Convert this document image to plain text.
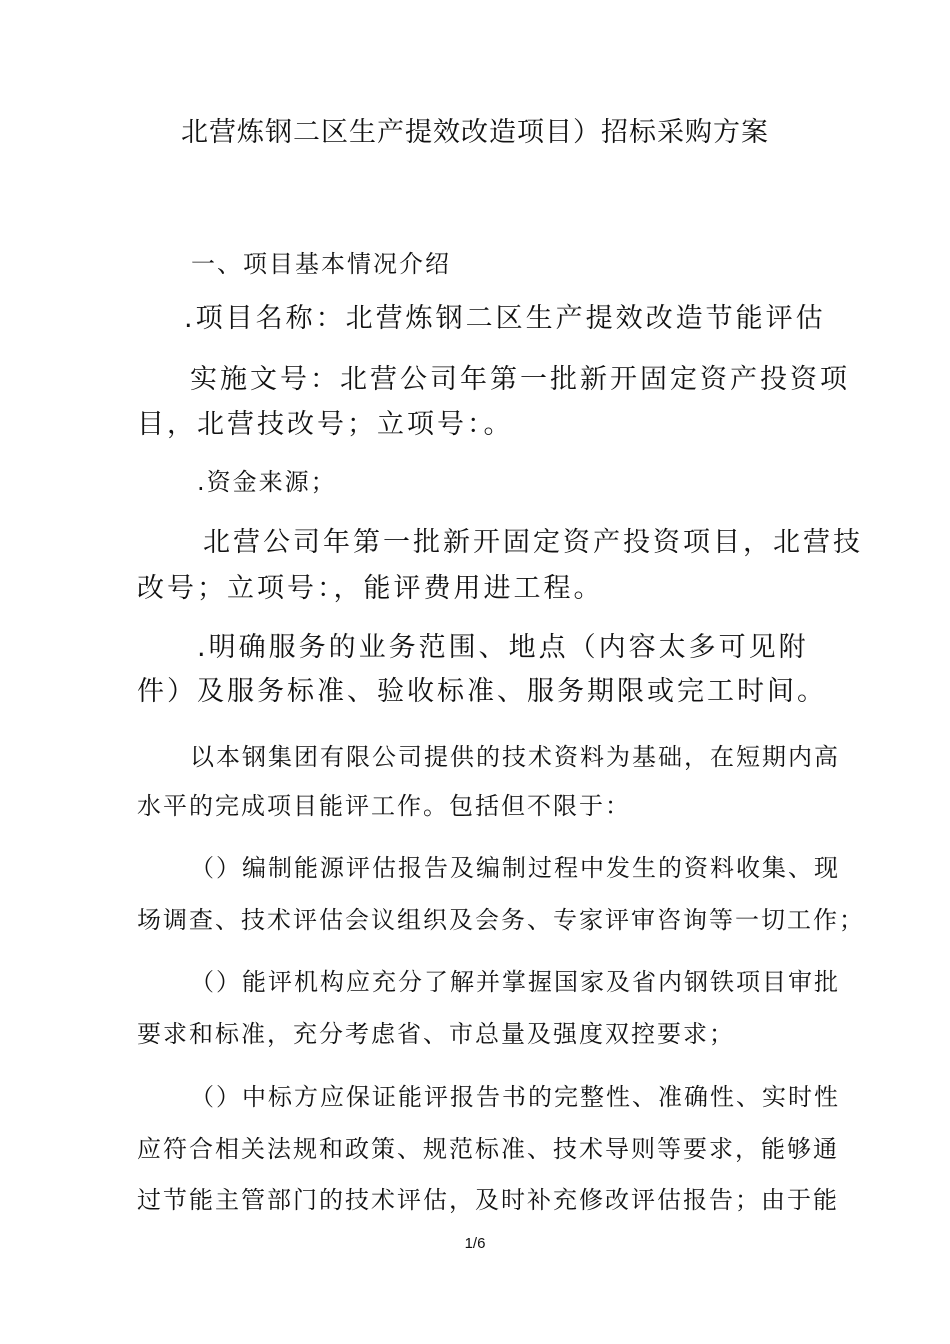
北营炼钢二区生产提效改造项目）招标采购方案
一、项目基本情况介绍
.项目名称：北营炼钢二区生产提效改造节能评估
实施文号：北营公司年第一批新开固定资产投资项
目，北营技改号；立项号：。
.资金来源；
北营公司年第一批新开固定资产投资项目，北营技
改号；立项号：，能评费用进工程。
.明确服务的业务范围、地点（内容太多可见附
件）及服务标准、验收标准、服务期限或完工时间。
以本钢集团有限公司提供的技术资料为基础，在短期内高
水平的完成项目能评工作。包括但不限于：
（）编制能源评估报告及编制过程中发生的资料收集、现
场调查、技术评估会议组织及会务、专家评审咨询等一切工作；
（）能评机构应充分了解并掌握国家及省内钢铁项目审批
要求和标准，充分考虑省、市总量及强度双控要求；
（）中标方应保证能评报告书的完整性、准确性、实时性
应符合相关法规和政策、规范标准、技术导则等要求，能够通
过节能主管部门的技术评估，及时补充修改评估报告；由于能
1/6
